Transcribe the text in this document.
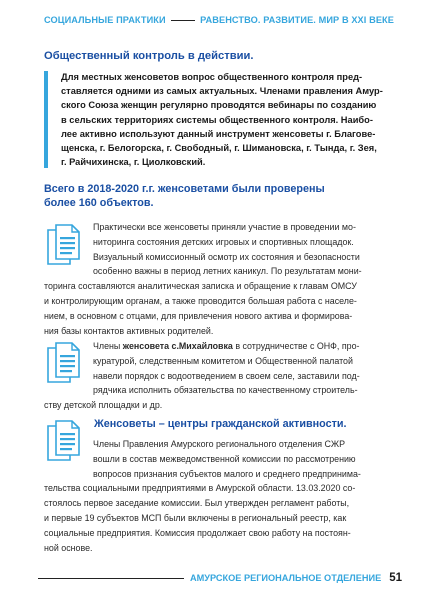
СОЦИАЛЬНЫЕ ПРАКТИКИ	РАВЕНСТВО. РАЗВИТИЕ. МИР В XXI ВЕКЕ
Общественный контроль в действии.
Для местных женсоветов вопрос общественного контроля пред-
ставляется одними из самых актуальных. Членами правления Амур-
ского Союза женщин регулярно проводятся вебинары по созданию
в сельских территориях системы общественного контроля. Наибо-
лее активно используют данный инструмент женсоветы г. Благове-
щенска, г. Белогорска, г. Свободный, г. Шимановска, г. Тында, г. Зея,
г. Райчихинска, г. Циолковский.
Всего в 2018-2020 г.г. женсоветами были проверены
более 160 объектов.
Практически все женсоветы приняли участие в проведении мо-
ниторинга состояния детских игровых и спортивных площадок.
Визуальный комиссионный осмотр их состояния и безопасности
особенно важны в период летних каникул. По результатам мони-
торинга составляются аналитическая записка и обращение к главам ОМСУ
и контролирующим органам, а также проводится большая работа с населе-
нием, в основном с отцами, для привлечения нового актива и формирова-
ния базы контактов активных родителей.
Члены женсовета с.Михайловка в сотрудничестве с ОНФ, про-
куратурой, следственным комитетом и Общественной палатой
навели порядок с водоотведением в своем селе, заставили под-
рядчика исполнить обязательства по качественному строитель-
ству детской площадки и др.
Женсоветы – центры гражданской активности.
Члены Правления Амурского регионального отделения СЖР
вошли в состав межведомственной комиссии по рассмотрению
вопросов признания субъектов малого и среднего предпринима-
тельства социальными предприятиями в Амурской области. 13.03.2020 со-
стоялось первое заседание комиссии. Был утвержден регламент работы,
и первые 19 субъектов МСП были включены в региональный реестр, как
социальные предприятия. Комиссия продолжает свою работу на постоян-
ной основе.
АМУРСКОЕ РЕГИОНАЛЬНОЕ ОТДЕЛЕНИЕ 51
